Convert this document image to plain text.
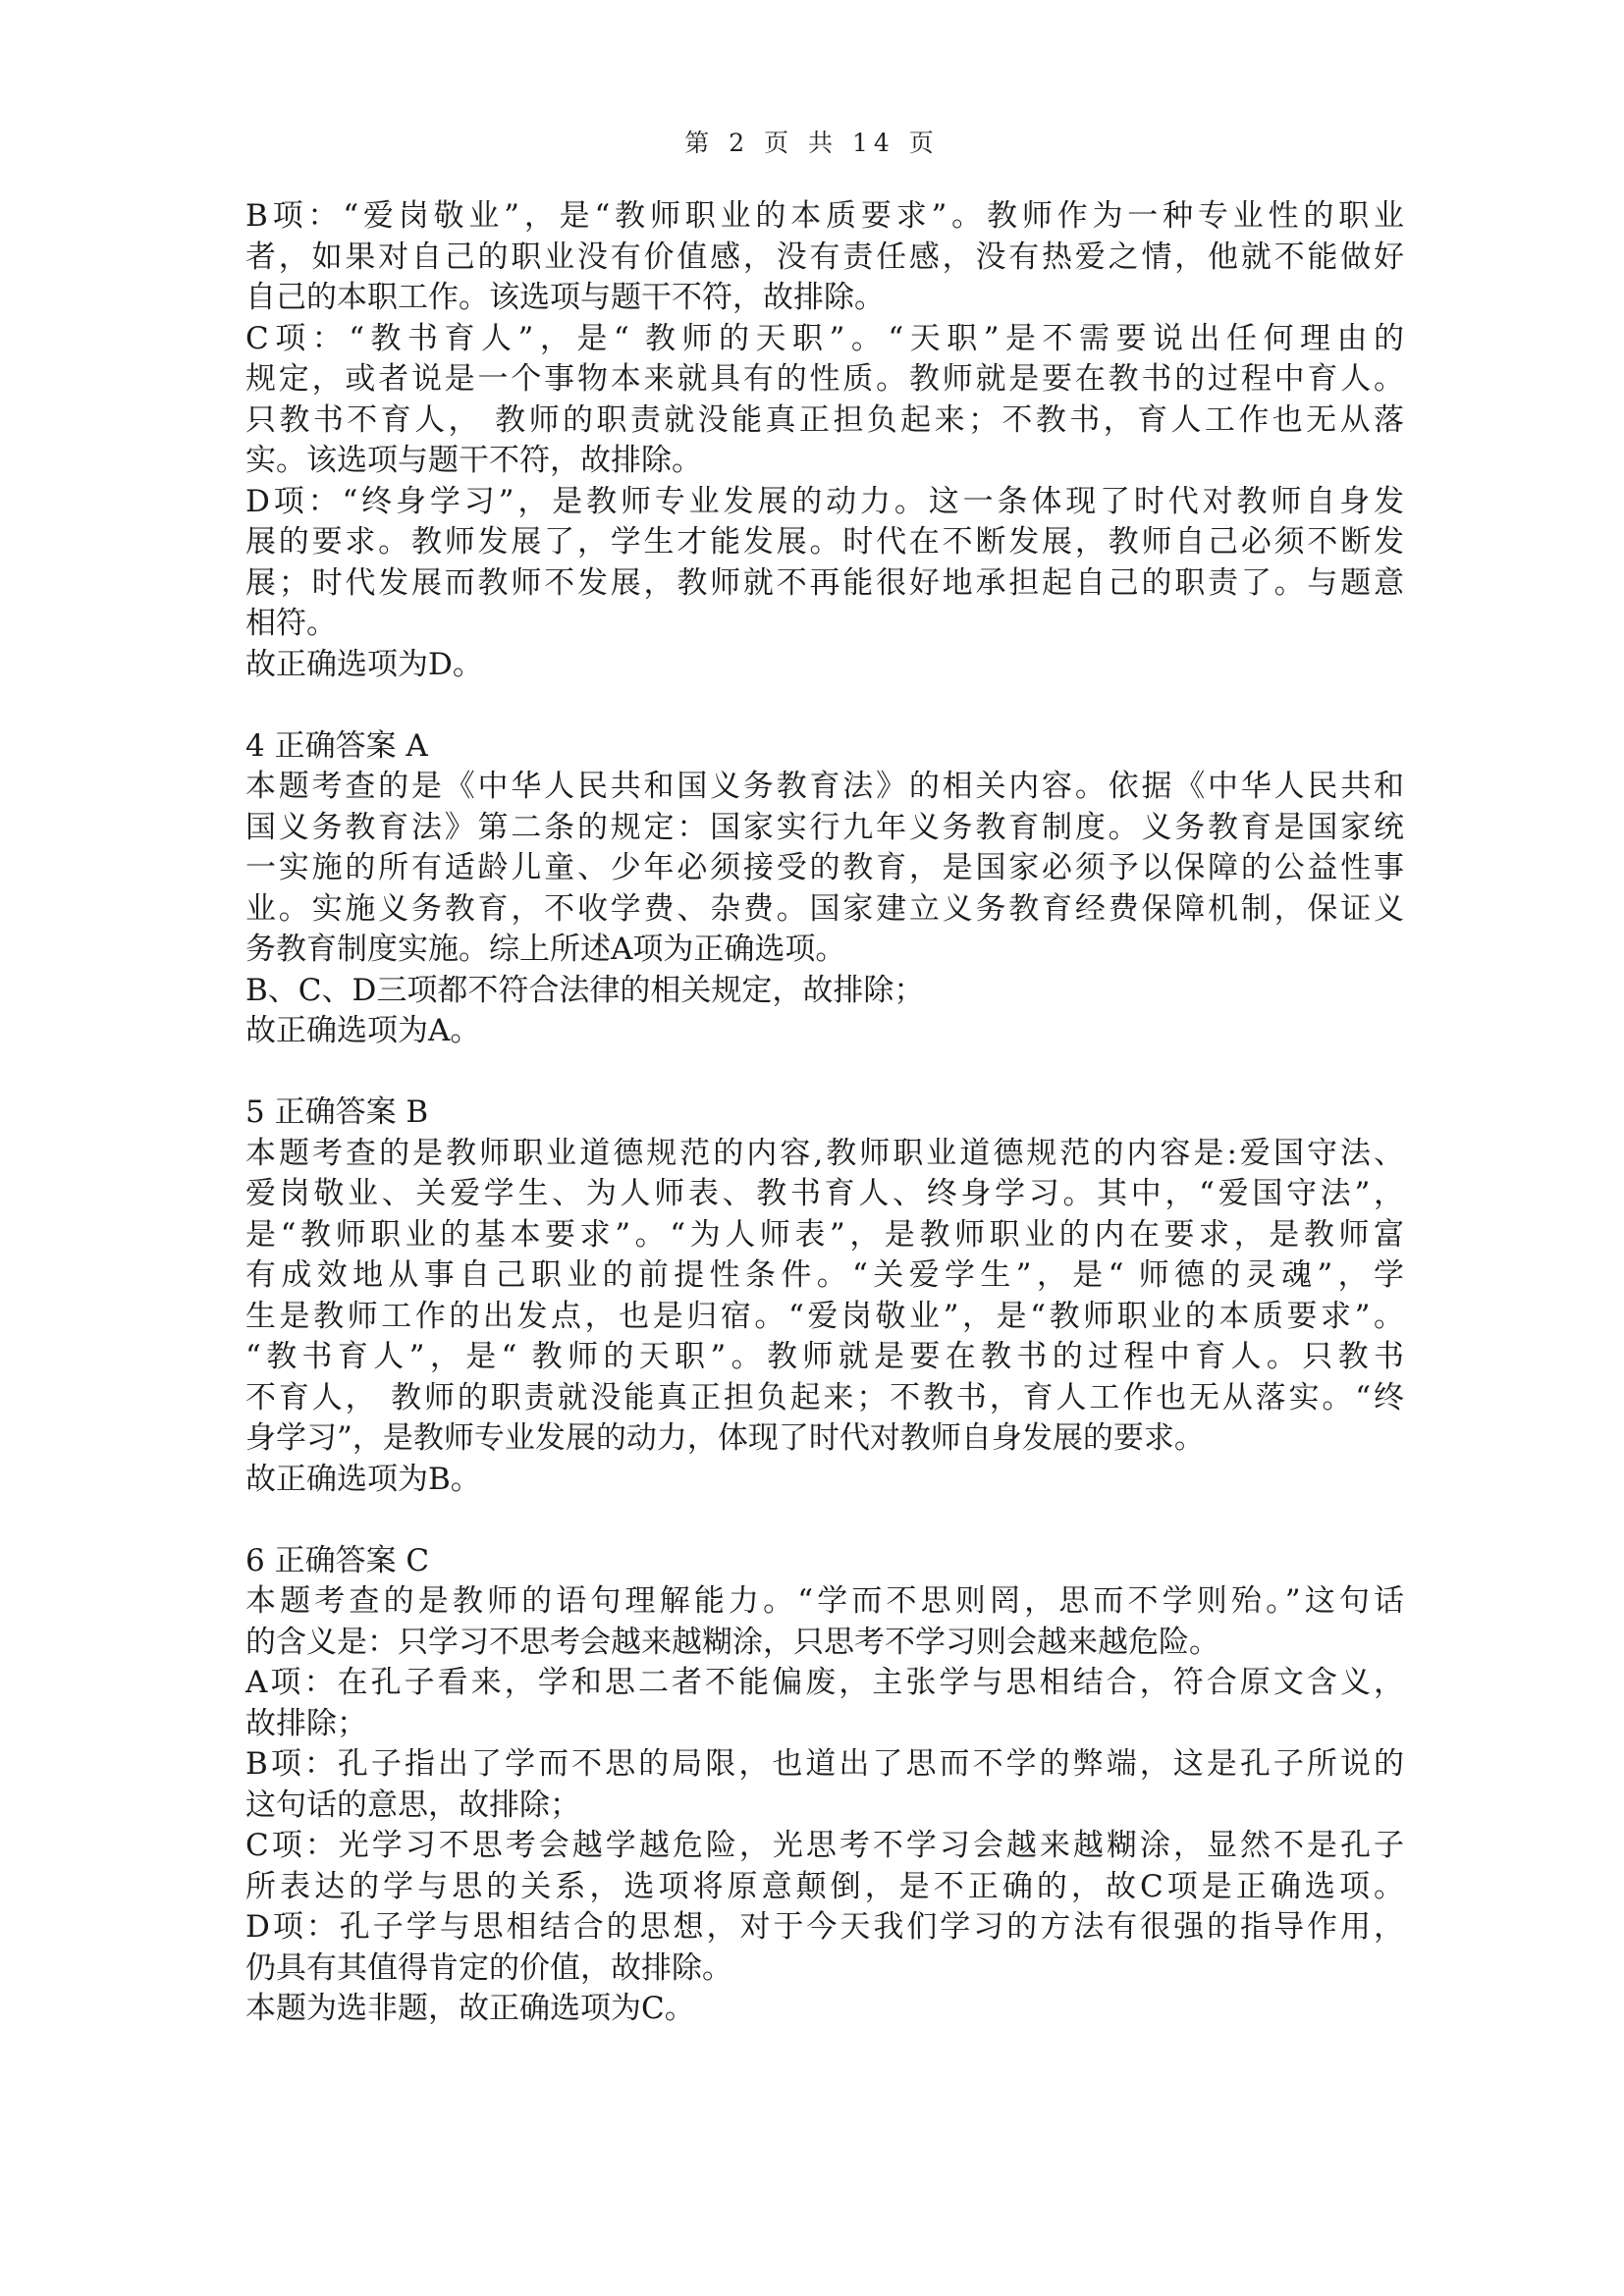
第 2 页 共 14 页
B项：“爱岗敬业”，是“教师职业的本质要求”。教师作为一种专业性的职业
者，如果对自己的职业没有价值感，没有责任感，没有热爱之情，他就不能做好
自己的本职工作。该选项与题干不符，故排除。
C项：“教书育人”，是“ 教师的天职”。“天职”是不需要说出任何理由的
规定，或者说是一个事物本来就具有的性质。教师就是要在教书的过程中育人。
只教书不育人， 教师的职责就没能真正担负起来；不教书，育人工作也无从落
实。该选项与题干不符，故排除。
D项：“终身学习”，是教师专业发展的动力。这一条体现了时代对教师自身发
展的要求。教师发展了，学生才能发展。时代在不断发展，教师自己必须不断发
展；时代发展而教师不发展，教师就不再能很好地承担起自己的职责了。与题意
相符。
故正确选项为D。
4 正确答案 A
本题考查的是《中华人民共和国义务教育法》的相关内容。依据《中华人民共和
国义务教育法》第二条的规定：国家实行九年义务教育制度。义务教育是国家统
一实施的所有适龄儿童、少年必须接受的教育，是国家必须予以保障的公益性事
业。实施义务教育，不收学费、杂费。国家建立义务教育经费保障机制，保证义
务教育制度实施。综上所述A项为正确选项。
B、C、D三项都不符合法律的相关规定，故排除；
故正确选项为A。
5 正确答案 B
本题考查的是教师职业道德规范的内容,教师职业道德规范的内容是:爱国守法、
爱岗敬业、关爱学生、为人师表、教书育人、终身学习。其中，“爱国守法”，
是“教师职业的基本要求”。“为人师表”，是教师职业的内在要求，是教师富
有成效地从事自己职业的前提性条件。“关爱学生”，是“ 师德的灵魂”，学
生是教师工作的出发点，也是归宿。“爱岗敬业”，是“教师职业的本质要求”。
“教书育人”，是“ 教师的天职”。教师就是要在教书的过程中育人。只教书
不育人， 教师的职责就没能真正担负起来；不教书，育人工作也无从落实。“终
身学习”，是教师专业发展的动力，体现了时代对教师自身发展的要求。
故正确选项为B。
6 正确答案 C
本题考查的是教师的语句理解能力。“学而不思则罔，思而不学则殆。”这句话
的含义是：只学习不思考会越来越糊涂，只思考不学习则会越来越危险。
A项：在孔子看来，学和思二者不能偏废，主张学与思相结合，符合原文含义，
故排除；
B项：孔子指出了学而不思的局限，也道出了思而不学的弊端，这是孔子所说的
这句话的意思，故排除；
C项：光学习不思考会越学越危险，光思考不学习会越来越糊涂，显然不是孔子
所表达的学与思的关系，选项将原意颠倒，是不正确的，故C项是正确选项。
D项：孔子学与思相结合的思想，对于今天我们学习的方法有很强的指导作用，
仍具有其值得肯定的价值，故排除。
本题为选非题，故正确选项为C。
